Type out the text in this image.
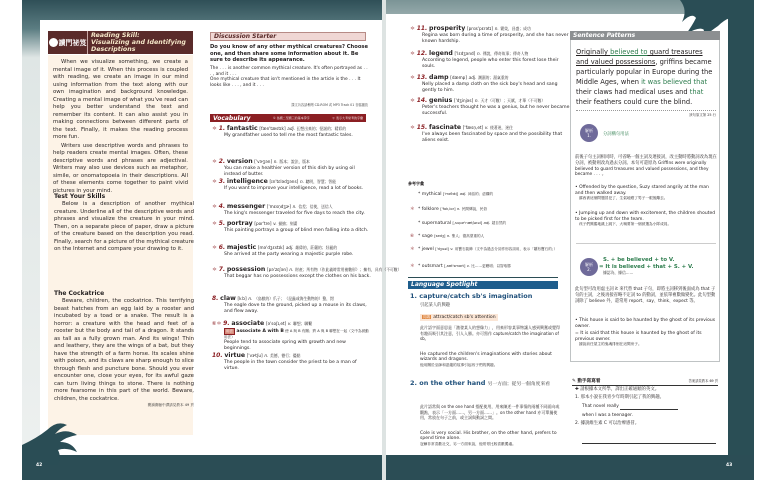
讀門祕笈
Reading Skill:
Visualizing and Identifying
Descriptions

When we visualize something, we create a mental image of it. When this process is coupled with reading, we create an image in our mind using information from the text along with our own imagination and background knowledge. Creating a mental image of what you've read can help you better understand the text and remember its content. It can also assist you in making connections between different parts of the text. Finally, it makes the reading process more fun.

Writers use descriptive words and phrases to help readers create mental images. Often, these descriptive words and phrases are adjectival. Writers may also use devices such as metaphor, simile, or onomatopoeia in their descriptions. All of these elements come together to paint vivid pictures in your mind.

Test Your Skills

Below is a description of another mythical creature. Underline all of the descriptive words and phrases and visualize the creature in your mind. Then, on a separate piece of paper, draw a picture of the creature based on the description you read. Finally, search for a picture of the mythical creature on the Internet and compare your drawing to it.

The Cockatrice

Beware, children, the cockatrice. This terrifying beast hatches from an egg laid by a rooster and incubated by a toad or a snake. The result is a horror: a creature with the head and feet of a rooster but the body and tail of a dragon. It stands as tall as a fully grown man. And its wings! Thin and leathery, they are the wings of a bat, but they have the strength of a farm horse. Its scales shine with poison, and its claws are sharp enough to slice through flesh and puncture bone. Should you ever encounter one, close your eyes, for its awful gaze can turn living things to stone. There is nothing more fearsome in this part of the world. Beware, children, the cockatrice.

閱讀測驗中譯請見教本 49 頁
42	43
Discussion Starter
Do you know of any other mythical creatures? Choose one, and then share some information about it. Be sure to describe its appearance.
The . . . is another common mythical creature. It's often portrayed as . . . , and it . . .
One mythical creature that isn't mentioned in the article is the . . . It looks like . . . , and it . . .
課文內容請參閱 CD-ROM 或 MP3 Track 01 音檔播放
Vocabulary	① 為國二至國三的基本學字	＊ 表示大考常考的字彙
＊ 1. fantastic [fæn'tæstɪk] adj. 幻想出來的；怪誕的；精彩的
My grandfather used to tell me the most fantastic tales.
＊ 2. version ['vɝʒən] n. 版本；說法，版本
You can make a healthier version of this dish by using oil instead of butter.
＊ 3. intelligence [ɪn'tɛlədʒəns] n. 聰明，智慧；智能
If you want to improve your intelligence, read a lot of books.
＊ 4. messenger ['mɛsṇdʒɚ] n. 信差；信使，送信人
The king's messenger traveled for five days to reach the city.
＊ 5. portray [por'tre] v. 描繪；刻畫
This painting portrays a group of blind men falling into a ditch.
＊ 6. majestic [mə'dʒɛstɪk] adj. 雄偉的，莊嚴的；壯麗的
She arrived at the party wearing a majestic purple robe.
＊ 7. possession [pə'zɛʃən] n. 財產；所有物（作此義時常用複數形）；擁有，具有（不可數）
That beggar has no possessions except the clothes on his back.
8. claw [klɔ] n. （鳥獸的）爪子；（昆蟲或海生動物的）螯，鉗
The eagle dove to the ground, picked up a mouse in its claws, and flew away.
⑥＊ 9. associate [ə'soʃɪ,et] v. 聯想；聯繫
用法 associate A with B 使 A 與 B 有關；將 A 與 B 聯想在一起（文中為被動用法）
People tend to associate spring with growth and new beginnings.
10. virtue ['vɝtʃu] n. 美德，德行；優點
The people in the town consider the priest to be a man of virtue.
＊ 11. prosperity [prɑs'pɛrətɪ] n. 繁榮，昌盛；成功
Regina was born during a time of prosperity, and she has never known hardship.
＊ 12. legend ['lɛdʒənd] n. 傳說，傳奇故事；傳奇人物
According to legend, people who enter this forest lose their souls.
＊ 13. damp [dæmp] adj. 潮濕的；濕氣重的
Nelly placed a damp cloth on the sick boy's head and sang gently to him.
＊ 14. genius ['dʒinjəs] n. 天才（可數）；天賦，才華（不可數）
Peter's teachers thought he was a genius, but he never became successful.
＊ 15. fascinate ['fæsṇ,et] v. 使著迷，迷住
I've always been fascinated by space and the possibility that aliens exist.
參考字彙
* mythical ['mɪθɪkḷ] adj. 神話的；虛構的
＊ * folklore ['fok,lor] n. 民間傳說，民俗
* supernatural [,supɚ'nætʃərəl] adj. 超自然的
⑥ * sage [sedʒ] n. 聖人；德高望重的人
＊ * jewel ['dʒuəl] v. 用寶石裝飾（文中為過去分詞作形容詞用，表示「鑲有寶石的」）
＊ * outsmart [,aʊt'smart] v. 比……更聰明；以智取勝
Language Spotlight
1. capture/catch sb's imagination
引起某人的興趣
同義 attract/catch sb's attention
此片語字面意思是「激發某人的想像力」，用來形容某事物讓人感到興奮或覺得有趣而吸引其注意，引人入勝。亦可寫作 capture/catch the imagination of sb。
He captured the children's imaginations with stories about wizards and dragons.
他用關於巫師和惡龍的故事引起孩子們的興趣。
2. on the other hand 另一方面；從另一個角度來看
此片語常與 on the one hand 搭配使用，用來陳述一件事情的兩種不同面向或觀點，表示「一方面……，另一方面……」。on the other hand 亦可單獨使用，常放在句子之前，或主詞與動詞之間。
Cole is very social. His brother, on the other hand, prefers to spend time alone.
寇爾非常喜歡社交，另一方面來說，他哥哥比較喜歡獨處。
Sentence Patterns
Originally believed to guard treasures and valued possessions, griffins became particularly popular in Europe during the Middle Ages, when it was believed that their claws had medical uses and that their feathers could cure the blind.
該句原文第 25 行
解析
1.	分詞構句用法
前後子句主詞相同時，可省略一個主詞及連接詞，改主動時將動詞改為現在分詞，被動則改為過去分詞。本句可還原為 Griffins were originally believed to guard treasures and valued possessions, and they became . . . 。
• Offended by the question, Suzy stared angrily at the man and then walked away.
蘇西被這個問題冒犯了，生氣地瞪了男子一眼後離去。
• Jumping up and down with excitement, the children shouted to be picked first for the team.
孩子們興奮地跳上跳下，大喊要第一個被選為小隊成員。
解析
2.
S. + be believed + to V.
= It is believed + that + S. + V.
據認為，據信……
此句型可改用虛主詞 it 來代替 that 子句，即將主詞移到後面成為 that 子句的主詞，之後再接省略不定詞 to 的動詞，並依單複數做變化。此句型動詞除了 believe 外，還常用 report、say、think、expect 等。
• This house is said to be haunted by the ghost of its previous owner.
= It is said that this house is haunted by the ghost of its previous owner.
據說前任屋主的鬼魂徘徊在這間房子。
✎ 動手寫寫看	答案請見教本 69 頁
✚ 請根據本文所學，譯出正確通順的英文。
1. 那本小說在我青少年時期引起了我的興趣。
That novel really
when I was a teenager.
2. 據說維生素 C 可以治療感冒。
